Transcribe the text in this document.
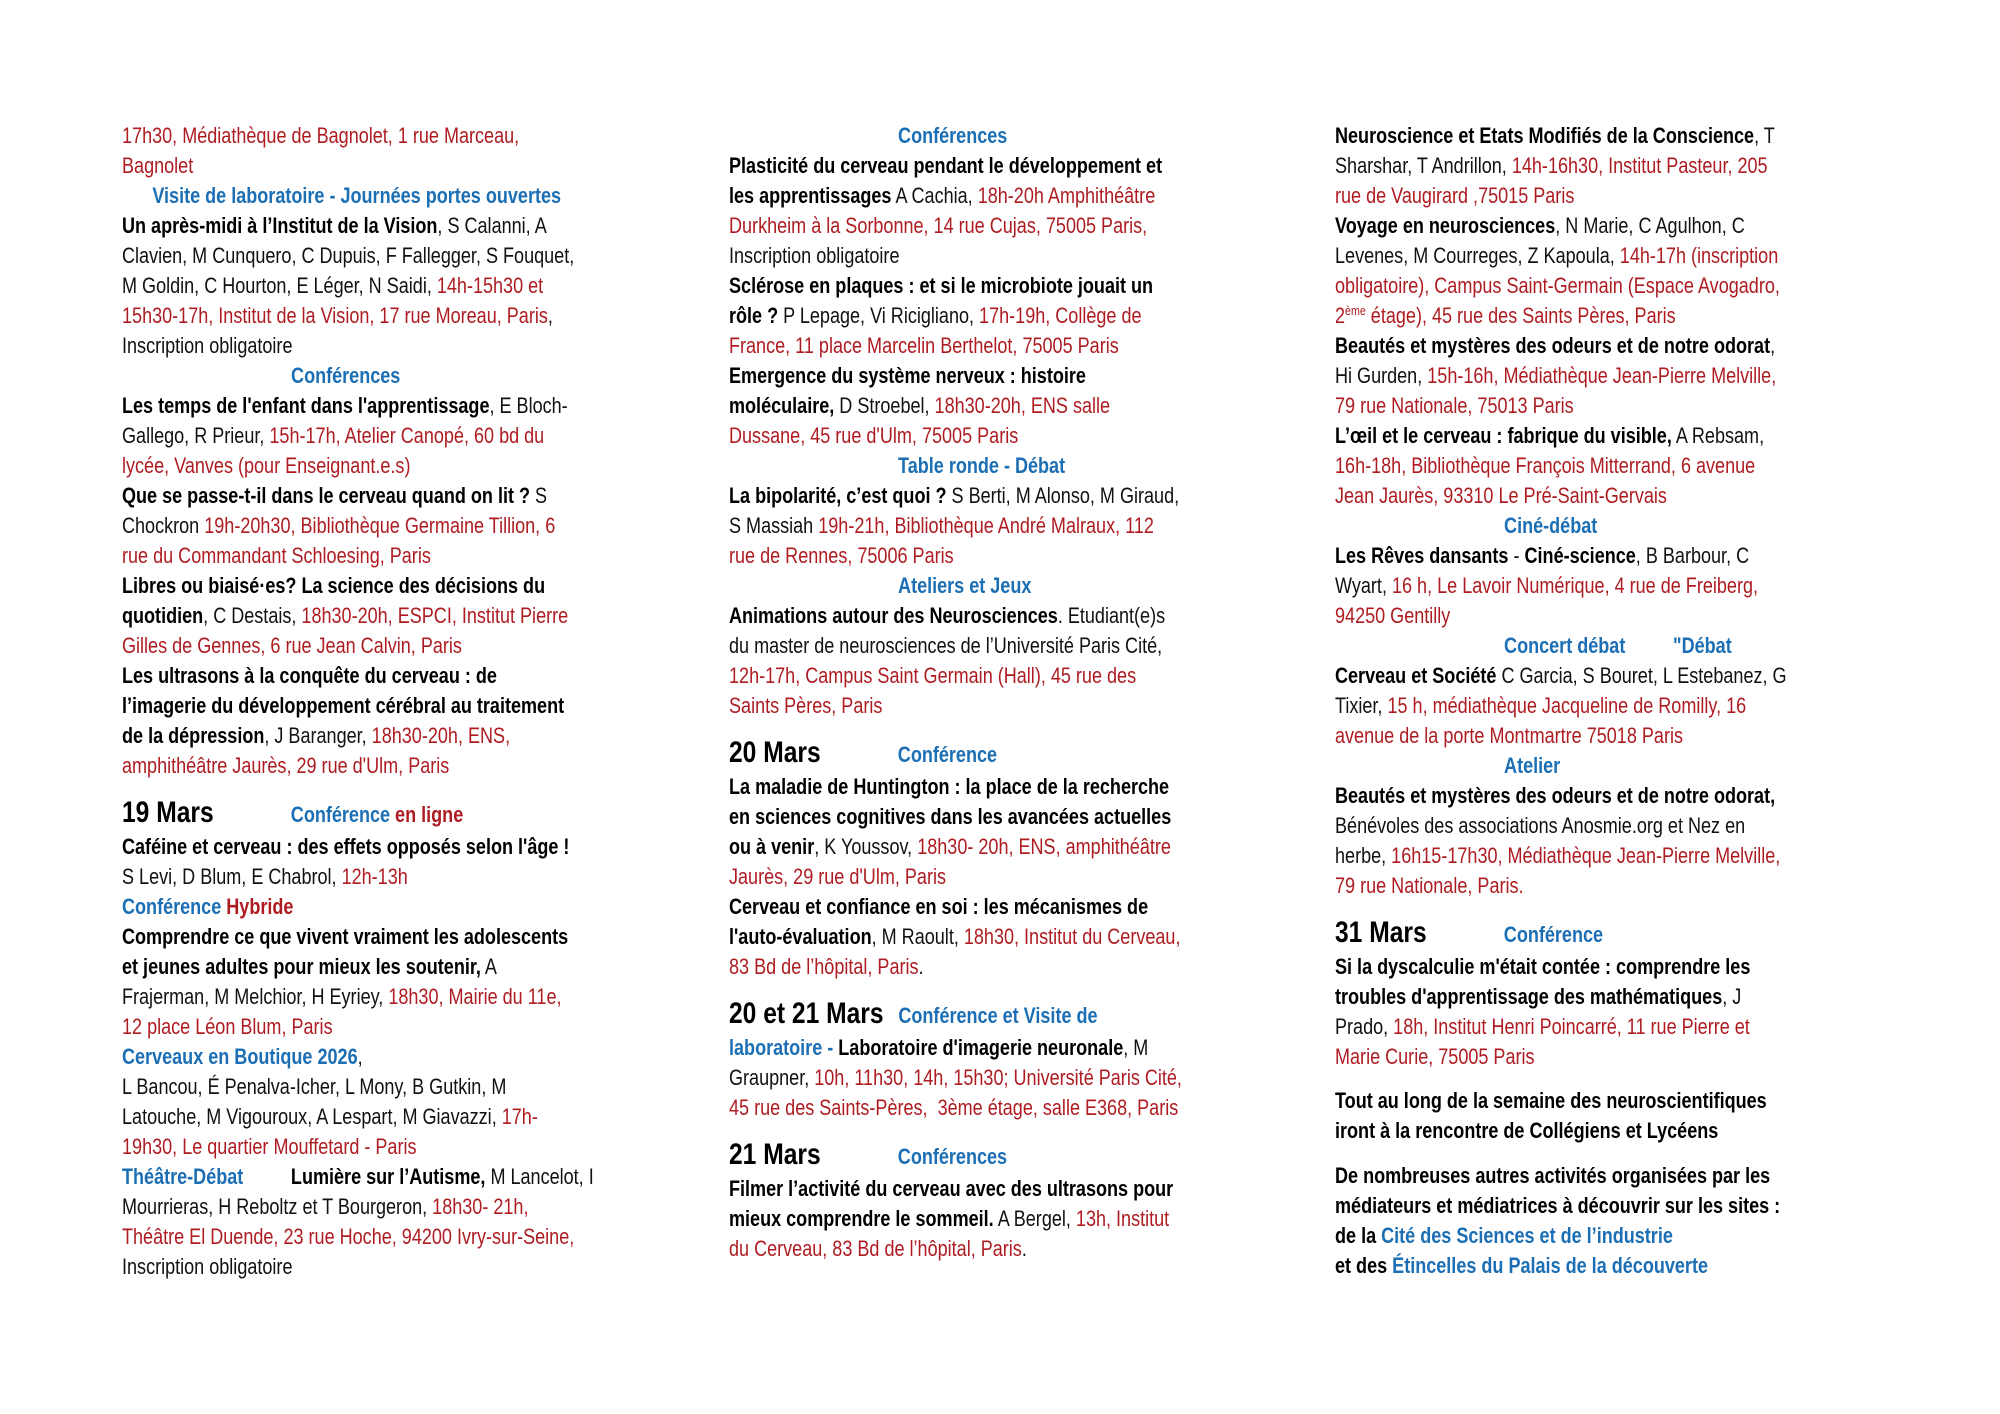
17h30, Médiathèque de Bagnolet, 1 rue Marceau,
Bagnolet
Visite de laboratoire - Journées portes ouvertes
Un après-midi à l’Institut de la Vision, S Calanni, A
Clavien, M Cunquero, C Dupuis, F Fallegger, S Fouquet,
M Goldin, C Hourton, E Léger, N Saidi, 14h-15h30 et
15h30-17h, Institut de la Vision, 17 rue Moreau, Paris,
Inscription obligatoire
Conférences
Les temps de l'enfant dans l'apprentissage, E Bloch-
Gallego, R Prieur, 15h-17h, Atelier Canopé, 60 bd du
lycée, Vanves (pour Enseignant.e.s)
Que se passe-t-il dans le cerveau quand on lit ? S
Chockron 19h-20h30, Bibliothèque Germaine Tillion, 6
rue du Commandant Schloesing, Paris
Libres ou biaisé·es? La science des décisions du
quotidien, C Destais, 18h30-20h, ESPCI, Institut Pierre
Gilles de Gennes, 6 rue Jean Calvin, Paris
Les ultrasons à la conquête du cerveau : de
l’imagerie du développement cérébral au traitement
de la dépression, J Baranger, 18h30-20h, ENS,
amphithéâtre Jaurès, 29 rue d'Ulm, Paris
19 Mars	Conférence en ligne
Caféine et cerveau : des effets opposés selon l'âge !
S Levi, D Blum, E Chabrol, 12h-13h
Conférence Hybride
Comprendre ce que vivent vraiment les adolescents
et jeunes adultes pour mieux les soutenir, A
Frajerman, M Melchior, H Eyriey, 18h30, Mairie du 11e,
12 place Léon Blum, Paris
Cerveaux en Boutique 2026,
L Bancou, É Penalva-Icher, L Mony, B Gutkin, M
Latouche, M Vigouroux, A Lespart, M Giavazzi, 17h-
19h30, Le quartier Mouffetard - Paris
Théâtre-Débat Lumière sur l’Autisme, M Lancelot, I
Mourrieras, H Reboltz et T Bourgeron, 18h30- 21h,
Théâtre El Duende, 23 rue Hoche, 94200 Ivry-sur-Seine,
Inscription obligatoire
Conférences
Plasticité du cerveau pendant le développement et
les apprentissages A Cachia, 18h-20h Amphithéâtre
Durkheim à la Sorbonne, 14 rue Cujas, 75005 Paris,
Inscription obligatoire
Sclérose en plaques : et si le microbiote jouait un
rôle ? P Lepage, Vi Ricigliano, 17h-19h, Collège de
France, 11 place Marcelin Berthelot, 75005 Paris
Emergence du système nerveux : histoire
moléculaire, D Stroebel, 18h30-20h, ENS salle
Dussane, 45 rue d'Ulm, 75005 Paris
Table ronde - Débat
La bipolarité, c’est quoi ? S Berti, M Alonso, M Giraud,
S Massiah 19h-21h, Bibliothèque André Malraux, 112
rue de Rennes, 75006 Paris
Ateliers et Jeux
Animations autour des Neurosciences. Etudiant(e)s
du master de neurosciences de l’Université Paris Cité,
12h-17h, Campus Saint Germain (Hall), 45 rue des
Saints Pères, Paris
20 Mars	Conférence
La maladie de Huntington : la place de la recherche
en sciences cognitives dans les avancées actuelles
ou à venir, K Youssov, 18h30- 20h, ENS, amphithéâtre
Jaurès, 29 rue d'Ulm, Paris
Cerveau et confiance en soi : les mécanismes de
l'auto-évaluation, M Raoult, 18h30, Institut du Cerveau,
83 Bd de l’hôpital, Paris.
20 et 21 Mars Conférence et Visite de
laboratoire - Laboratoire d'imagerie neuronale, M
Graupner, 10h, 11h30, 14h, 15h30; Université Paris Cité,
45 rue des Saints-Pères,  3ème étage, salle E368, Paris
21 Mars	Conférences
Filmer l’activité du cerveau avec des ultrasons pour
mieux comprendre le sommeil. A Bergel, 13h, Institut
du Cerveau, 83 Bd de l’hôpital, Paris.
Neuroscience et Etats Modifiés de la Conscience, T
Sharshar, T Andrillon, 14h-16h30, Institut Pasteur, 205
rue de Vaugirard ,75015 Paris
Voyage en neurosciences, N Marie, C Agulhon, C
Levenes, M Courreges, Z Kapoula, 14h-17h (inscription
obligatoire), Campus Saint-Germain (Espace Avogadro,
2ème étage), 45 rue des Saints Pères, Paris
Beautés et mystères des odeurs et de notre odorat,
Hi Gurden, 15h-16h, Médiathèque Jean-Pierre Melville,
79 rue Nationale, 75013 Paris
L’œil et le cerveau : fabrique du visible, A Rebsam,
16h-18h, Bibliothèque François Mitterrand, 6 avenue
Jean Jaurès, 93310 Le Pré-Saint-Gervais
Ciné-débat
Les Rêves dansants - Ciné-science, B Barbour, C
Wyart, 16 h, Le Lavoir Numérique, 4 rue de Freiberg,
94250 Gentilly
Concert débat "Débat
Cerveau et Société C Garcia, S Bouret, L Estebanez, G
Tixier, 15 h, médiathèque Jacqueline de Romilly, 16
avenue de la porte Montmartre 75018 Paris
Atelier
Beautés et mystères des odeurs et de notre odorat,
Bénévoles des associations Anosmie.org et Nez en
herbe, 16h15-17h30, Médiathèque Jean-Pierre Melville,
79 rue Nationale, Paris.
31 Mars	Conférence
Si la dyscalculie m'était contée : comprendre les
troubles d'apprentissage des mathématiques, J
Prado, 18h, Institut Henri Poincarré, 11 rue Pierre et
Marie Curie, 75005 Paris
Tout au long de la semaine des neuroscientifiques
iront à la rencontre de Collégiens et Lycéens
De nombreuses autres activités organisées par les
médiateurs et médiatrices à découvrir sur les sites :
de la Cité des Sciences et de l’industrie
et des Étincelles du Palais de la découverte
